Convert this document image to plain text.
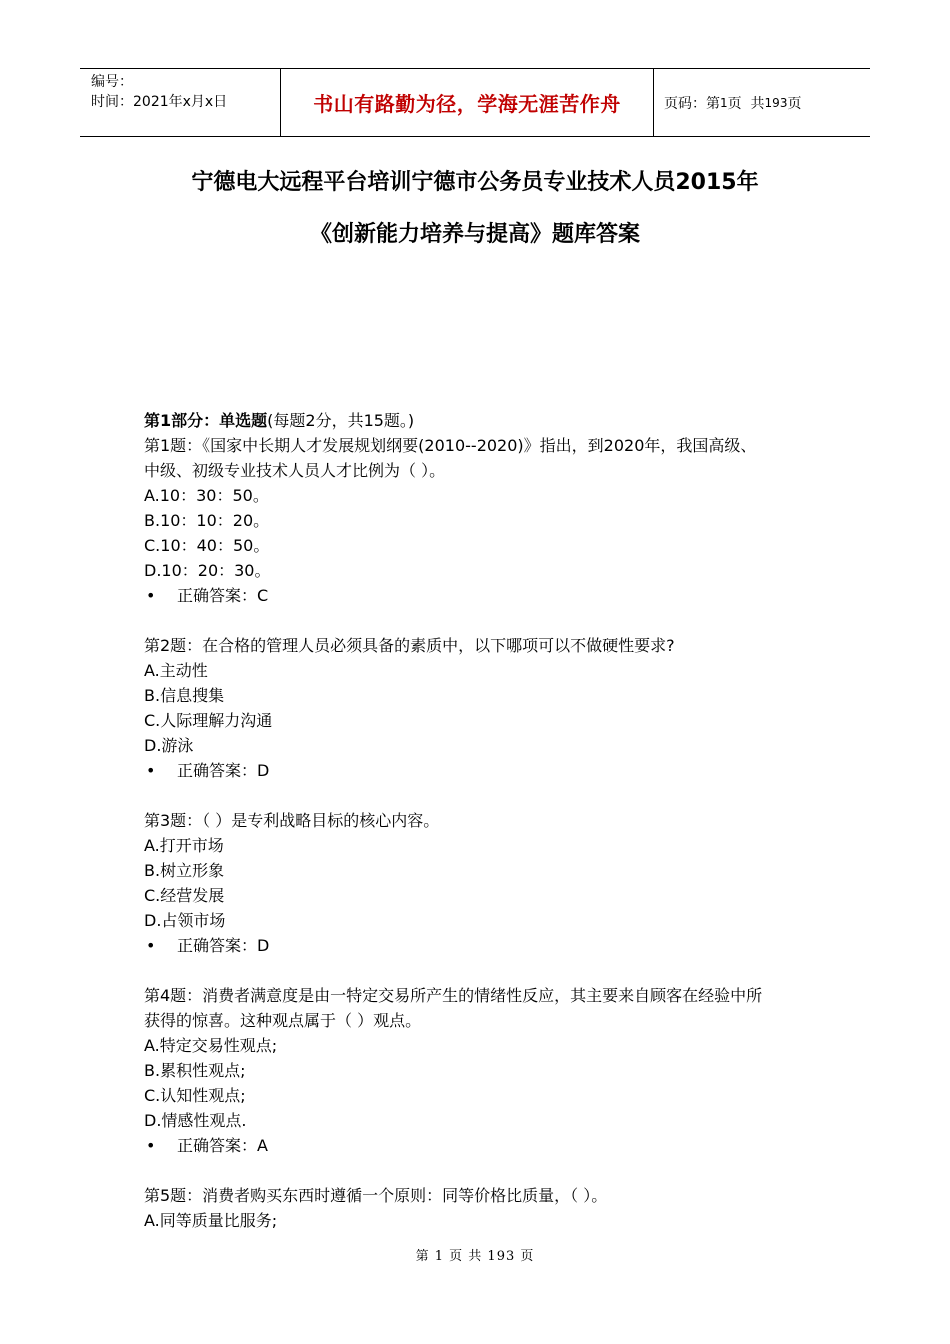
编号：
时间：2021年x月x日	书山有路勤为径，学海无涯苦作舟	页码：第 1 页  共 193 页
宁德电大远程平台培训宁德市公务员专业技术人员2015年
《创新能力培养与提高》题库答案

第1部分：单选题(每题2分，共15题。)

第1题：《国家中长期人才发展规划纲要(2010--2020)》指出，到2020年，我国高级、

中级、初级专业技术人员人才比例为（ ）。

A.10：30：50。

B.10：10：20。

C.10：40：50。

D.10：20：30。

• 正确答案：C

第2题：在合格的管理人员必须具备的素质中，以下哪项可以不做硬性要求?

A.主动性

B.信息搜集

C.人际理解力沟通

D.游泳

• 正确答案：D

第3题：（ ）是专利战略目标的核心内容。

A.打开市场

B.树立形象

C.经营发展

D.占领市场

• 正确答案：D

第4题：消费者满意度是由一特定交易所产生的情绪性反应，其主要来自顾客在经验中所

获得的惊喜。这种观点属于（ ）观点。

A.特定交易性观点;

B.累积性观点;

C.认知性观点;

D.情感性观点.

• 正确答案：A

第5题：消费者购买东西时遵循一个原则：同等价格比质量，（ ）。

A.同等质量比服务;

第 1 页 共 193 页
